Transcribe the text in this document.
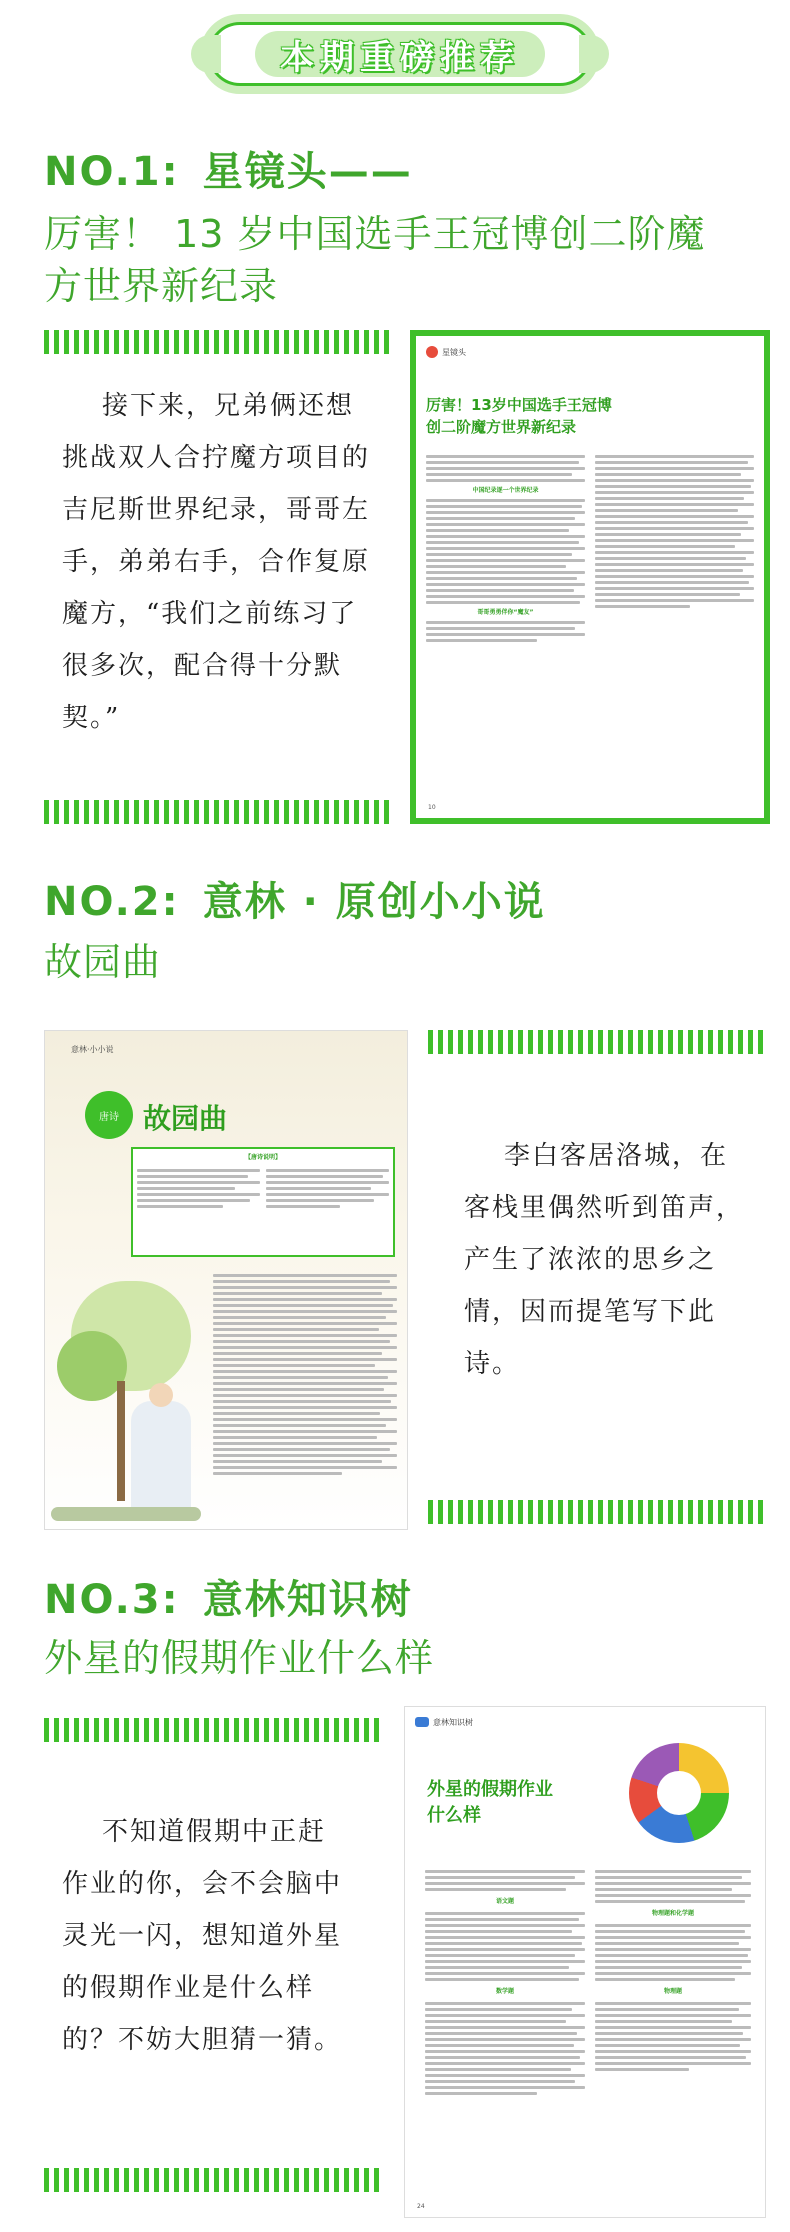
本期重磅推荐
NO.1: 星镜头——
厉害！ 13 岁中国选手王冠博创二阶魔
方世界新纪录
接下来，兄弟俩还想
挑战双人合拧魔方项目的
吉尼斯世界纪录，哥哥左
手，弟弟右手，合作复原
魔方，“我们之前练习了
很多次，配合得十分默
契。”
星镜头
厉害！13岁中国选手王冠博
创二阶魔方世界新纪录
中国纪录逐一个世界纪录
哥哥勇勇伴你“魔友”
10
NO.2: 意林 · 原创小小说
故园曲
意林·小小说
唐诗 故园曲
【唐诗说明】	李白客居洛城，在
客栈里偶然听到笛声，
产生了浓浓的思乡之
情，因而提笔写下此
诗。
NO.3: 意林知识树
外星的假期作业什么样
不知道假期中正赶
作业的你，会不会脑中
灵光一闪，想知道外星
的假期作业是什么样
的？不妨大胆猜一猜。
意林知识树
外星的假期作业
什么样
语文题
数学题
物理题和化学题
物理题
24
